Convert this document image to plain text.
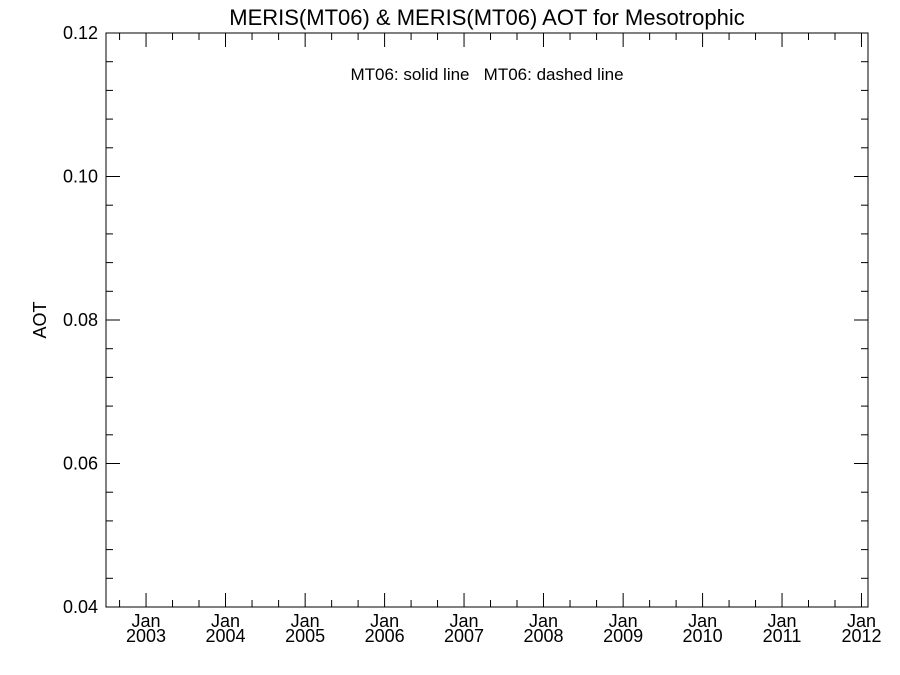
MERIS(MT06) & MERIS(MT06) AOT for Mesotrophic
MT06: solid line   MT06: dashed line
AOT
0.04
0.06
0.08
0.10
0.12
Jan
2003
Jan
2004
Jan
2005
Jan
2006
Jan
2007
Jan
2008
Jan
2009
Jan
2010
Jan
2011
Jan
2012
